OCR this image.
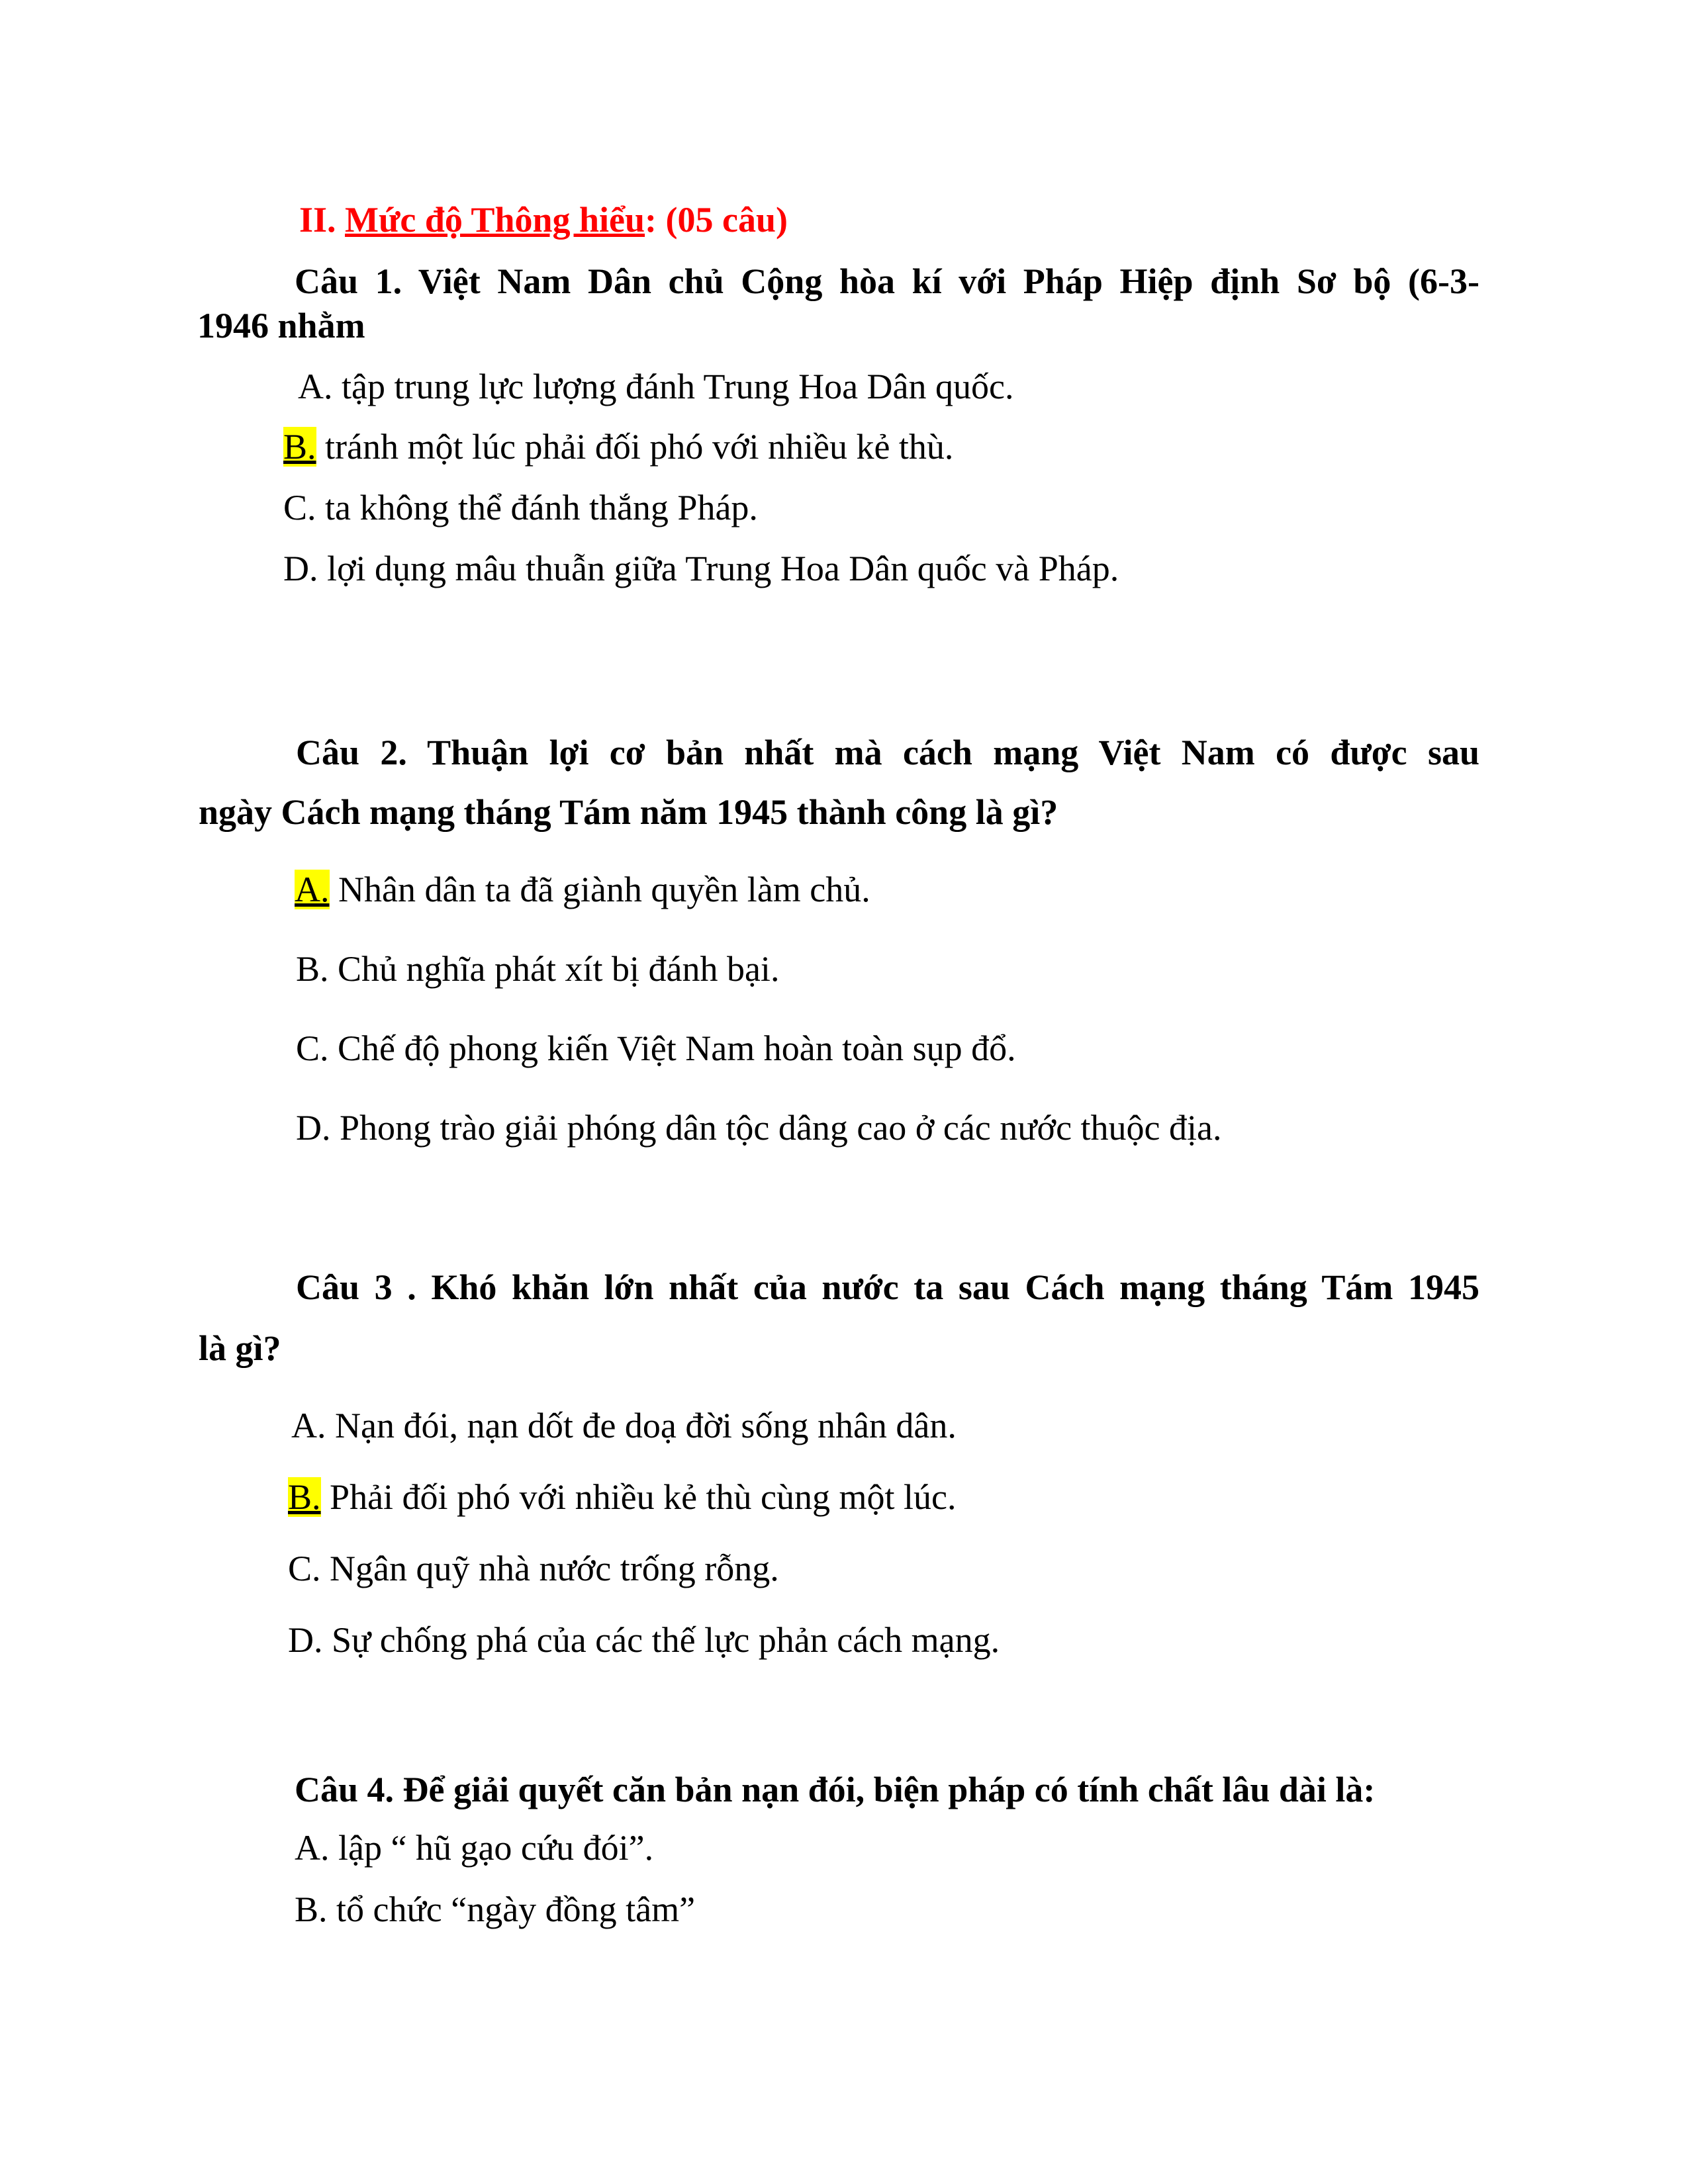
II. Mức độ Thông hiểu: (05 câu)
Câu 1. Việt Nam Dân chủ Cộng hòa kí với Pháp Hiệp định Sơ bộ (6-3-
1946 nhằm
A. tập trung lực lượng đánh Trung Hoa Dân quốc.
B. tránh một lúc phải đối phó với nhiều kẻ thù.
C. ta không thể đánh thắng Pháp.
D. lợi dụng mâu thuẫn giữa Trung Hoa Dân quốc và Pháp.
Câu 2. Thuận lợi cơ bản nhất mà cách mạng Việt Nam có được sau
ngày Cách mạng tháng Tám năm 1945 thành công là gì?
A. Nhân dân ta đã giành quyền làm chủ.
B. Chủ nghĩa phát xít bị đánh bại.
C. Chế độ phong kiến Việt Nam hoàn toàn sụp đổ.
D. Phong trào giải phóng dân tộc dâng cao ở các nước thuộc địa.
Câu 3 . Khó khăn lớn nhất của nước ta sau Cách mạng tháng Tám 1945
là gì?
A. Nạn đói, nạn dốt đe doạ đời sống nhân dân.
B. Phải đối phó với nhiều kẻ thù cùng một lúc.
C. Ngân quỹ nhà nước trống rỗng.
D. Sự chống phá của các thế lực phản cách mạng.
Câu 4. Để giải quyết căn bản nạn đói, biện pháp có tính chất lâu dài là:
A. lập “ hũ gạo cứu đói”.
B. tổ chức “ngày đồng tâm”
